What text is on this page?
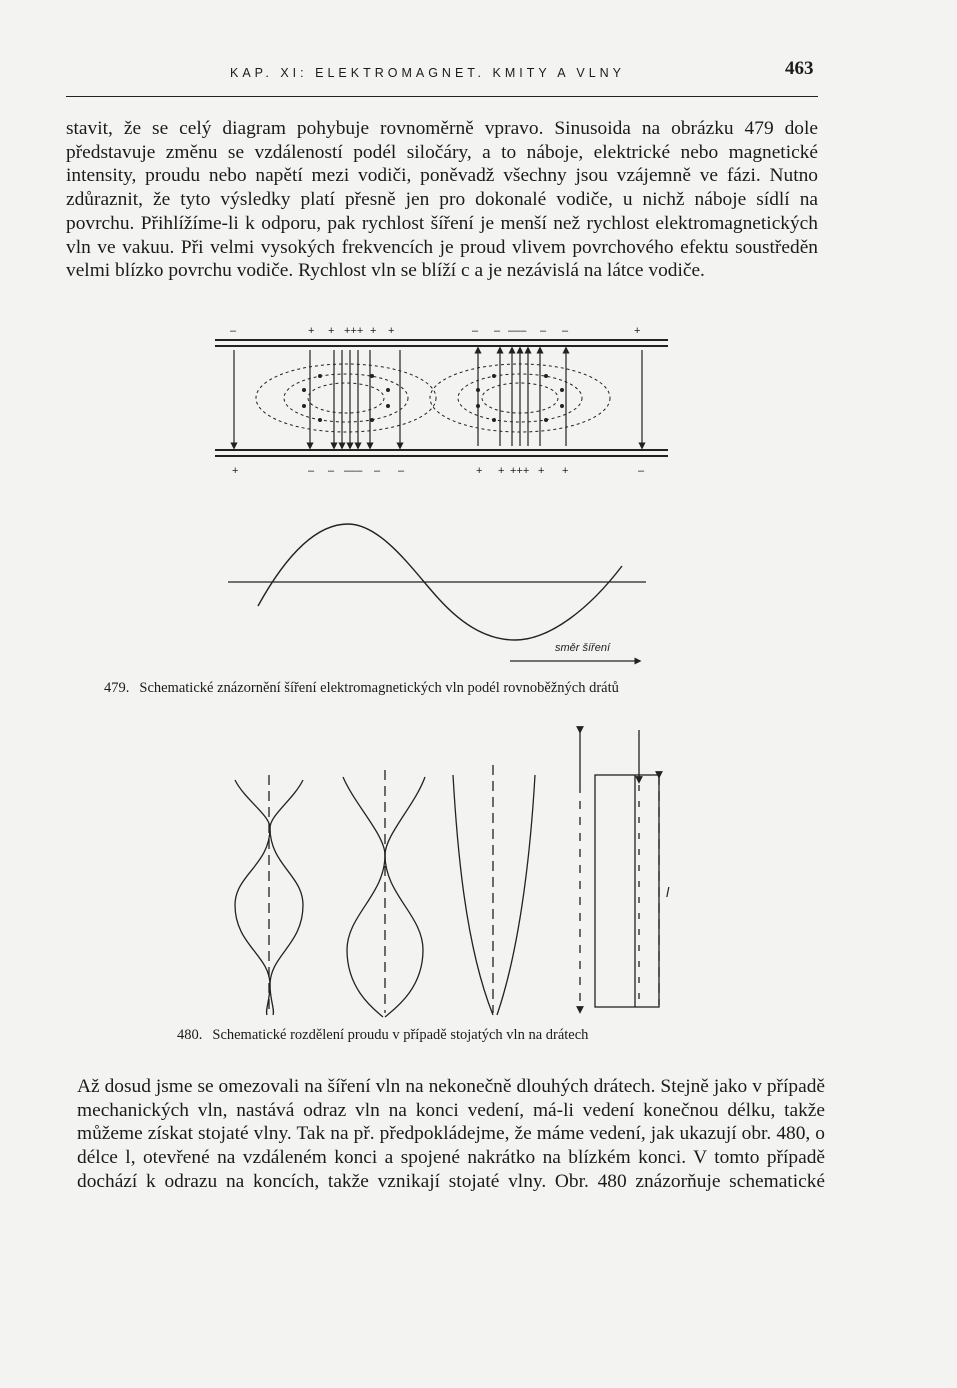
KAP. XI: ELEKTROMAGNET. KMITY A VLNY	463

stavit, že se celý diagram pohybuje rovnoměrně vpravo. Sinusoida na obrázku 479 dole představuje změnu se vzdáleností podél siločáry, a to náboje, elektrické nebo magnetické intensity, proudu nebo napětí mezi vodiči, poněvadž všechny jsou vzájemně ve fázi. Nutno zdůraznit, že tyto výsledky platí přesně jen pro dokonalé vodiče, u nichž náboje sídlí na povrchu. Přihlížíme-li k odporu, pak rychlost šíření je menší než rychlost elektromagnetických vln ve vakuu. Při velmi vysokých frekvencích je proud vlivem povrchového efektu soustředěn velmi blízko povrchu vodiče. Rychlost vln se blíží c a je nezávislá na látce vodiče.

–	+ + +++ + +	– – ––– – –	+
+	– – ––– – –	+ + +++ + +	–
směr šíření
479. Schematické znázornění šíření elektromagnetických vln podél rovnoběžných drátů
l
480. Schematické rozdělení proudu v případě stojatých vln na drátech

Až dosud jsme se omezovali na šíření vln na nekonečně dlouhých drátech. Stejně jako v případě mechanických vln, nastává odraz vln na konci vedení, má-li vedení konečnou délku, takže můžeme získat stojaté vlny. Tak na př. předpokládejme, že máme vedení, jak ukazují obr. 480, o délce l, otevřené na vzdáleném konci a spojené nakrátko na blízkém konci. V tomto případě dochází k odrazu na koncích, takže vznikají stojaté vlny. Obr. 480 znázorňuje schematické
